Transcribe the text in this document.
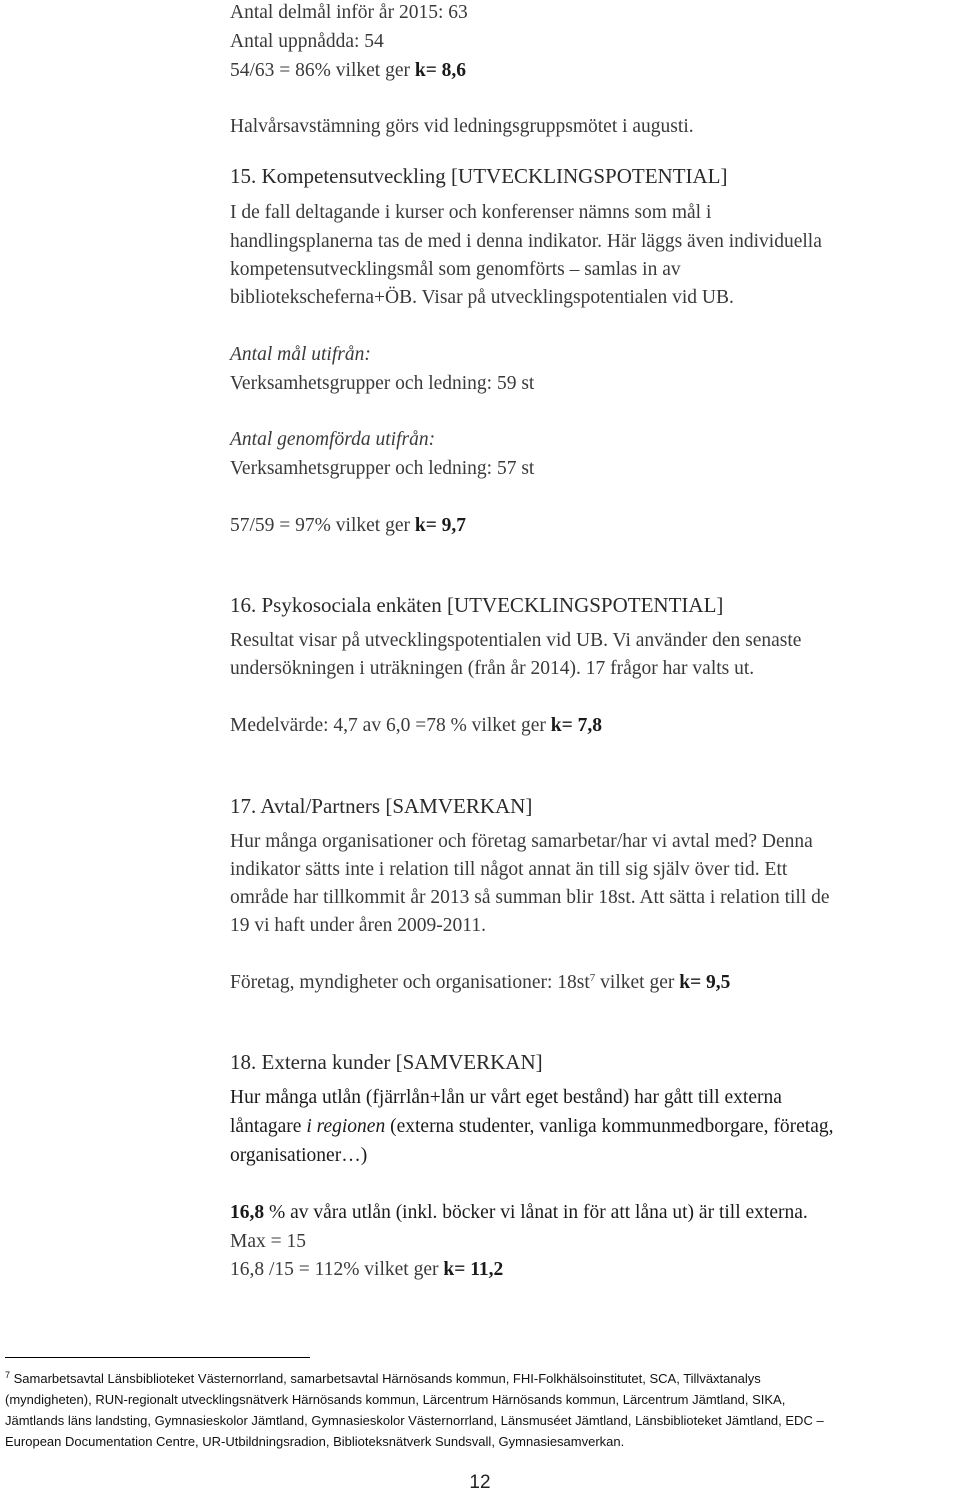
Antal delmål inför år 2015: 63
Antal uppnådda: 54
54/63 = 86% vilket ger k= 8,6
Halvårsavstämning görs vid ledningsgruppsmötet i augusti.
15. Kompetensutveckling [UTVECKLINGSPOTENTIAL]
I de fall deltagande i kurser och konferenser nämns som mål i
handlingsplanerna tas de med i denna indikator. Här läggs även individuella
kompetensutvecklingsmål som genomförts – samlas in av
bibliotekscheferna+ÖB. Visar på utvecklingspotentialen vid UB.
Antal mål utifrån:
Verksamhetsgrupper och ledning: 59 st
Antal genomförda utifrån:
Verksamhetsgrupper och ledning: 57 st
57/59 = 97% vilket ger k= 9,7
16. Psykosociala enkäten [UTVECKLINGSPOTENTIAL]
Resultat visar på utvecklingspotentialen vid UB. Vi använder den senaste
undersökningen i uträkningen (från år 2014). 17 frågor har valts ut.
Medelvärde: 4,7 av 6,0 =78 % vilket ger k= 7,8
17. Avtal/Partners [SAMVERKAN]
Hur många organisationer och företag samarbetar/har vi avtal med? Denna
indikator sätts inte i relation till något annat än till sig själv över tid. Ett
område har tillkommit år 2013 så summan blir 18st. Att sätta i relation till de
19 vi haft under åren 2009-2011.
Företag, myndigheter och organisationer: $18st^7$ vilket ger k= 9,5
18. Externa kunder [SAMVERKAN]
Hur många utlån (fjärrlån+lån ur vårt eget bestånd) har gått till externa
låntagare i regionen (externa studenter, vanliga kommunmedborgare, företag,
organisationer…)
16,8 % av våra utlån (inkl. böcker vi lånat in för att låna ut) är till externa.
Max = 15
16,8 /15 = 112% vilket ger k= 11,2
$^7$ Samarbetsavtal Länsbiblioteket Västernorrland, samarbetsavtal Härnösands kommun, FHI-Folkhälsoinstitutet, SCA, Tillväxtanalys
(myndigheten), RUN-regionalt utvecklingsnätverk Härnösands kommun, Lärcentrum Härnösands kommun, Lärcentrum Jämtland, SIKA,
Jämtlands läns landsting, Gymnasieskolor Jämtland, Gymnasieskolor Västernorrland, Länsmuséet Jämtland, Länsbiblioteket Jämtland, EDC –
European Documentation Centre, UR-Utbildningsradion, Biblioteksnätverk Sundsvall, Gymnasiesamverkan.
12
